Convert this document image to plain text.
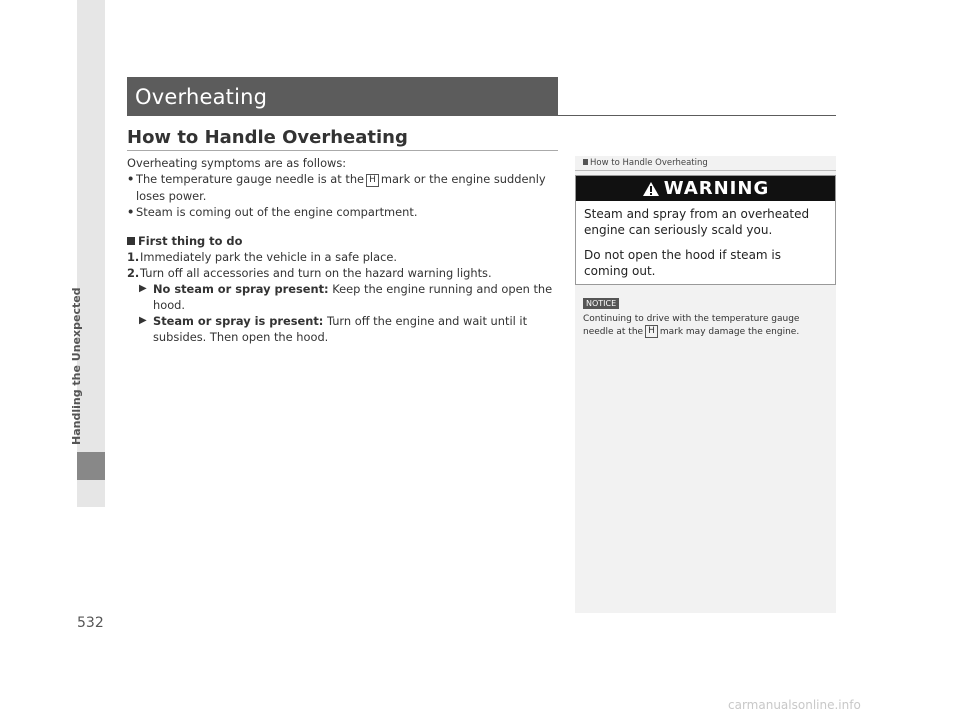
Handling the Unexpected
532
Overheating
How to Handle Overheating

Overheating symptoms are as follows:

• The temperature gauge needle is at the H mark or the engine suddenly loses power.
• Steam is coming out of the engine compartment.

First thing to do

1. Immediately park the vehicle in a safe place.
2. Turn off all accessories and turn on the hazard warning lights.
▶ No steam or spray present: Keep the engine running and open the hood.
▶ Steam or spray is present: Turn off the engine and wait until it subsides. Then open the hood.
How to Handle Overheating
WARNING

Steam and spray from an overheated engine can seriously scald you.

Do not open the hood if steam is coming out.

NOTICE
Continuing to drive with the temperature gauge needle at the H mark may damage the engine.
carmanualsonline.info
